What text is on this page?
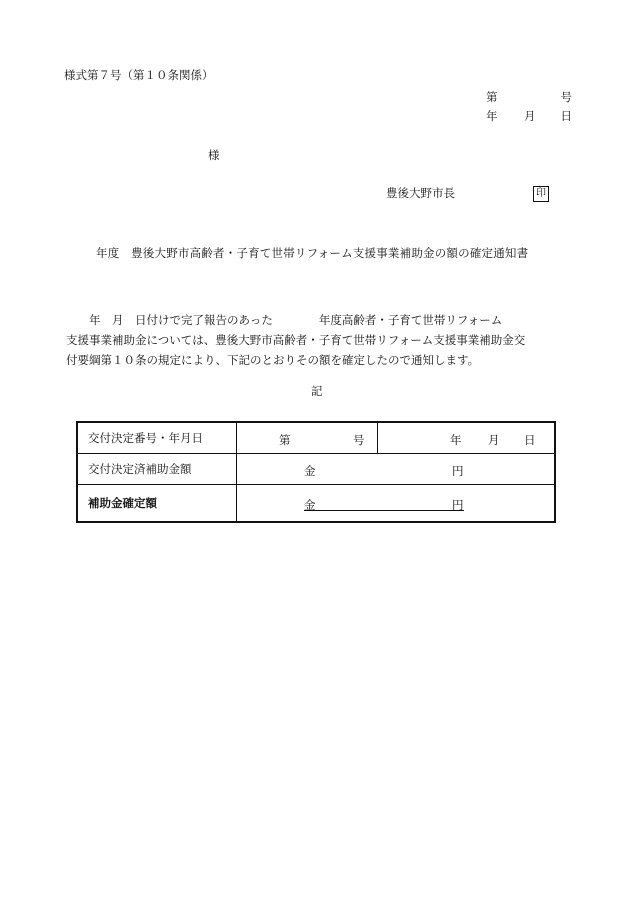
様式第７号（第１０条関係）
第	号
年 月 日
様
豊後大野市長	印
年度　豊後大野市高齢者・子育て世帯リフォーム支援事業補助金の額の確定通知書
　　年　月　日付けで完了報告のあった　　　　年度高齢者・子育て世帯リフォーム
支援事業補助金については、豊後大野市高齢者・子育て世帯リフォーム支援事業補助金交
付要綱第１０条の規定により、下記のとおりその額を確定したので通知します。
記
交付決定番号・年月日	第 号	年 月 日

交付決定済補助金額	金 円	

補助金確定額	金 円	
